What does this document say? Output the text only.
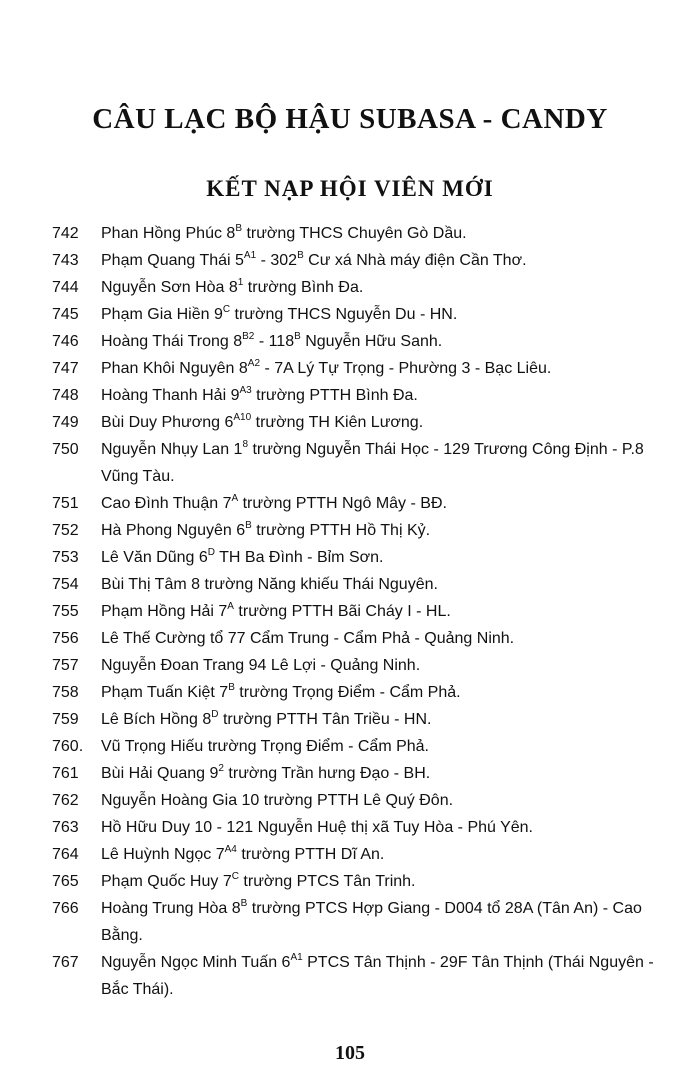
CÂU LẠC BỘ HẬU SUBASA - CANDY
KẾT NẠP HỘI VIÊN MỚI
742	Phan Hồng Phúc $8^B$ trường THCS Chuyên Gò Dầu.
743	Phạm Quang Thái $5^{A1} - 302^B$ Cư xá Nhà máy điện Cần Thơ.
744	Nguyễn Sơn Hòa $8^1$ trường Bình Đa.
745	Phạm Gia Hiền $9^C$ trường THCS Nguyễn Du - HN.
746	Hoàng Thái Trong $8^{B2} - 118^B$ Nguyễn Hữu Sanh.
747	Phan Khôi Nguyên $8^{A2} - 7A$ Lý Tự Trọng - Phường 3 - Bạc Liêu.
748	Hoàng Thanh Hải $9^{A3}$ trường PTTH Bình Đa.
749	Bùi Duy Phương $6^{A10}$ trường TH Kiên Lương.
750	Nguyễn Nhụy Lan $1^8$ trường Nguyễn Thái Học - 129 Trương Công Định - P.8 Vũng Tàu.
751	Cao Đình Thuận $7^A$ trường PTTH Ngô Mây - BĐ.
752	Hà Phong Nguyên $6^B$ trường PTTH Hồ Thị Kỷ.
753	Lê Văn Dũng $6^D$ TH Ba Đình - Bỉm Sơn.
754	Bùi Thị Tâm 8 trường Năng khiếu Thái Nguyên.
755	Phạm Hồng Hải $7^A$ trường PTTH Bãi Cháy I - HL.
756	Lê Thế Cường tổ 77 Cẩm Trung - Cẩm Phả - Quảng Ninh.
757	Nguyễn Đoan Trang 94 Lê Lợi - Quảng Ninh.
758	Phạm Tuấn Kiệt $7^B$ trường Trọng Điểm - Cẩm Phả.
759	Lê Bích Hồng $8^D$ trường PTTH Tân Triều - HN.
760.	Vũ Trọng Hiếu trường Trọng Điểm - Cẩm Phả.
761	Bùi Hải Quang $9^2$ trường Trần hưng Đạo - BH.
762	Nguyễn Hoàng Gia 10 trường PTTH Lê Quý Đôn.
763	Hồ Hữu Duy 10 - 121 Nguyễn Huệ thị xã Tuy Hòa - Phú Yên.
764	Lê Huỳnh Ngọc $7^{A4}$ trường PTTH Dĩ An.
765	Phạm Quốc Huy $7^C$ trường PTCS Tân Trinh.
766	Hoàng Trung Hòa $8^B$ trường PTCS Hợp Giang - D004 tổ 28A (Tân An) - Cao Bằng.
767	Nguyễn Ngọc Minh Tuấn $6^{A1}$ PTCS Tân Thịnh - 29F Tân Thịnh (Thái Nguyên - Bắc Thái).
105
